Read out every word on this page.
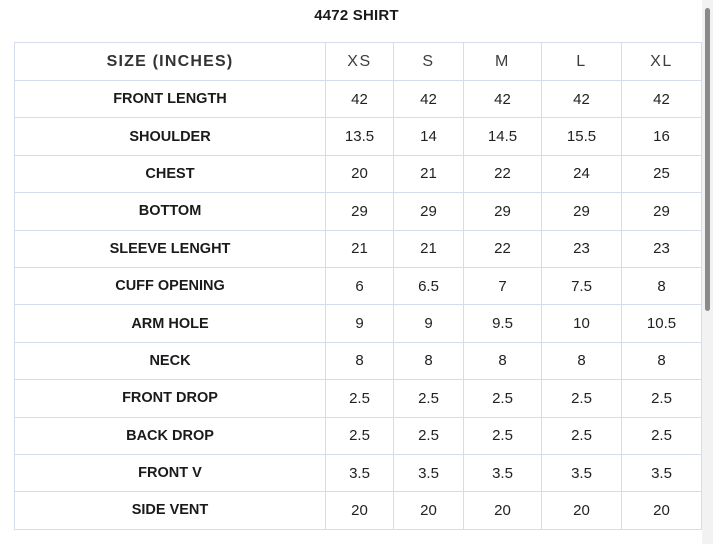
4472 SHIRT
SIZE (INCHES)	XS	S	M	L	XL
FRONT LENGTH	42	42	42	42	42
SHOULDER	13.5	14	14.5	15.5	16
CHEST	20	21	22	24	25
BOTTOM	29	29	29	29	29
SLEEVE LENGHT	21	21	22	23	23
CUFF OPENING	6	6.5	7	7.5	8
ARM HOLE	9	9	9.5	10	10.5
NECK	8	8	8	8	8
FRONT DROP	2.5	2.5	2.5	2.5	2.5
BACK DROP	2.5	2.5	2.5	2.5	2.5
FRONT V	3.5	3.5	3.5	3.5	3.5
SIDE VENT	20	20	20	20	20
